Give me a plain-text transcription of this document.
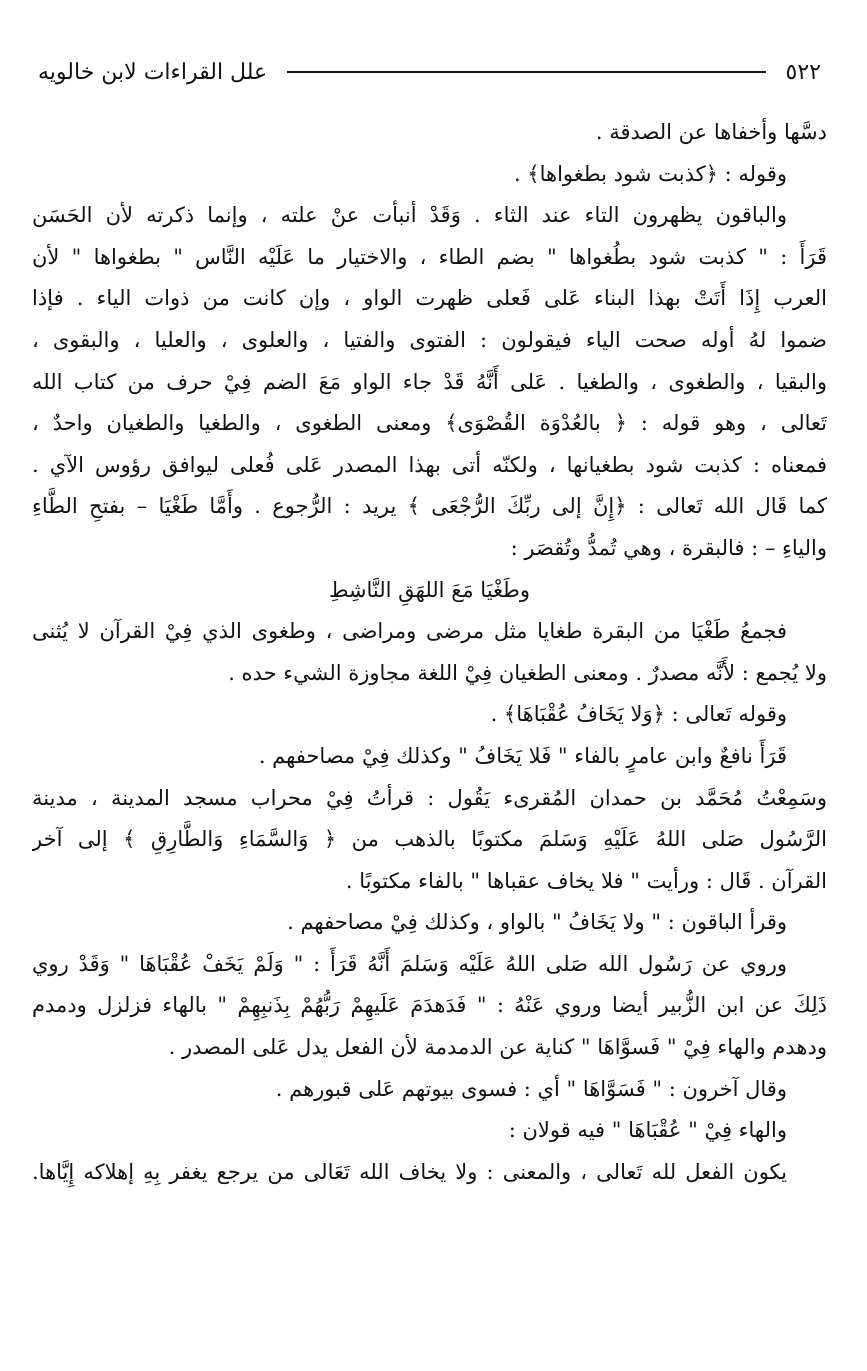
٥٢٢
علل القراءات لابن خالويه
دسَّها وأخفاها عن الصدقة .
وقوله : ﴿كذبت شود بطغواها﴾ .
والباقون يظهرون التاء عند الثاء . وَقَدْ أنبأت عنْ علته ، وإنما ذكرته لأن الحَسَن
قَرَأَ : " كذبت شود بطُغواها " بضم الطاء ، والاختيار ما عَلَيْه النَّاس " بطغواها " لأن
العرب إِذَا أَتَتْ بهذا البناء عَلى فَعلى ظهرت الواو ، وإن كانت من ذوات الياء . فإذا
ضموا لهُ أوله صحت الياء فيقولون : الفتوى والفتيا ، والعلوى ، والعليا ، والبقوى ،
والبقيا ، والطغوى ، والطغيا . عَلى أَنَّهُ قَدْ جاء الواو مَعَ الضم فِيْ حرف من كتاب الله
تَعالى ، وهو قوله : ﴿ بالعُدْوَة القُصْوَى﴾ ومعنى الطغوى ، والطغيا والطغيان واحدٌ ،
فمعناه : كذبت شود بطغيانها ، ولكنّه أتى بهذا المصدر عَلى فُعلى ليوافق رؤوس الآي .
كما قَال الله تَعالى : ﴿إِنَّ إلى ربِّكَ الرُّجْعَى ﴾ يريد : الرُّجوع . وأَمَّا طَغْيَا – بفتحِ الطَّاءِ
والياءِ – : فالبقرة ، وهي تُمدُّ وتُقصَر :
وطَغْيَا مَعَ اللهَقِ النَّاشِطِ
فجمعُ طَغْيَا من البقرة طغايا مثل مرضى ومراضى ، وطغوى الذي فِيْ القرآن لا يُثنى
ولا يُجمع : لأَنَّه مصدرٌ . ومعنى الطغيان فِيْ اللغة مجاوزة الشيء حده .
وقوله تَعالى : ﴿وَلا يَخَافُ عُقْبَاهَا﴾ .
قَرَأَ نافعٌ وابن عامرٍ بالفاء " فَلا يَخَافُ " وكذلك فِيْ مصاحفهم .
وسَمِعْتُ مُحَمَّد بن حمدان المُقرىء يَقُول : قرأتُ فِيْ محراب مسجد المدينة ، مدينة
الرَّسُول صَلى اللهُ عَلَيْهِ وَسَلمَ مكتوبًا بالذهب من ﴿ وَالسَّمَاءِ وَالطَّارِقِ ﴾ إلى آخر
القرآن . قَال : ورأيت " فلا يخاف عقباها " بالفاء مكتوبًا .
وقرأ الباقون : " ولا يَخَافُ " بالواو ، وكذلك فِيْ مصاحفهم .
وروي عن رَسُول الله صَلى اللهُ عَلَيْه وَسَلمَ أَنَّهُ قَرَأَ : " وَلَمْ يَخَفْ عُقْبَاهَا " وَقَدْ روي
ذَلِكَ عن ابن الزُّبير أيضا وروي عَنْهُ : " فَدَهدَمَ عَلَيهِمْ رَبُّهُمْ بِذَنبِهِمْ " بالهاء فزلزل ودمدم
ودهدم والهاء فِيْ " فَسوَّاهَا " كناية عن الدمدمة لأن الفعل يدل عَلى المصدر .
وقال آخرون : " فَسَوَّاهَا " أي : فسوى بيوتهم عَلى قبورهم .
والهاء فِيْ " عُقْبَاهَا " فيه قولان :
يكون الفعل لله تَعالى ، والمعنى : ولا يخاف الله تَعَالى من يرجع يغفر بِهِ إهلاكه إِيَّاها.
